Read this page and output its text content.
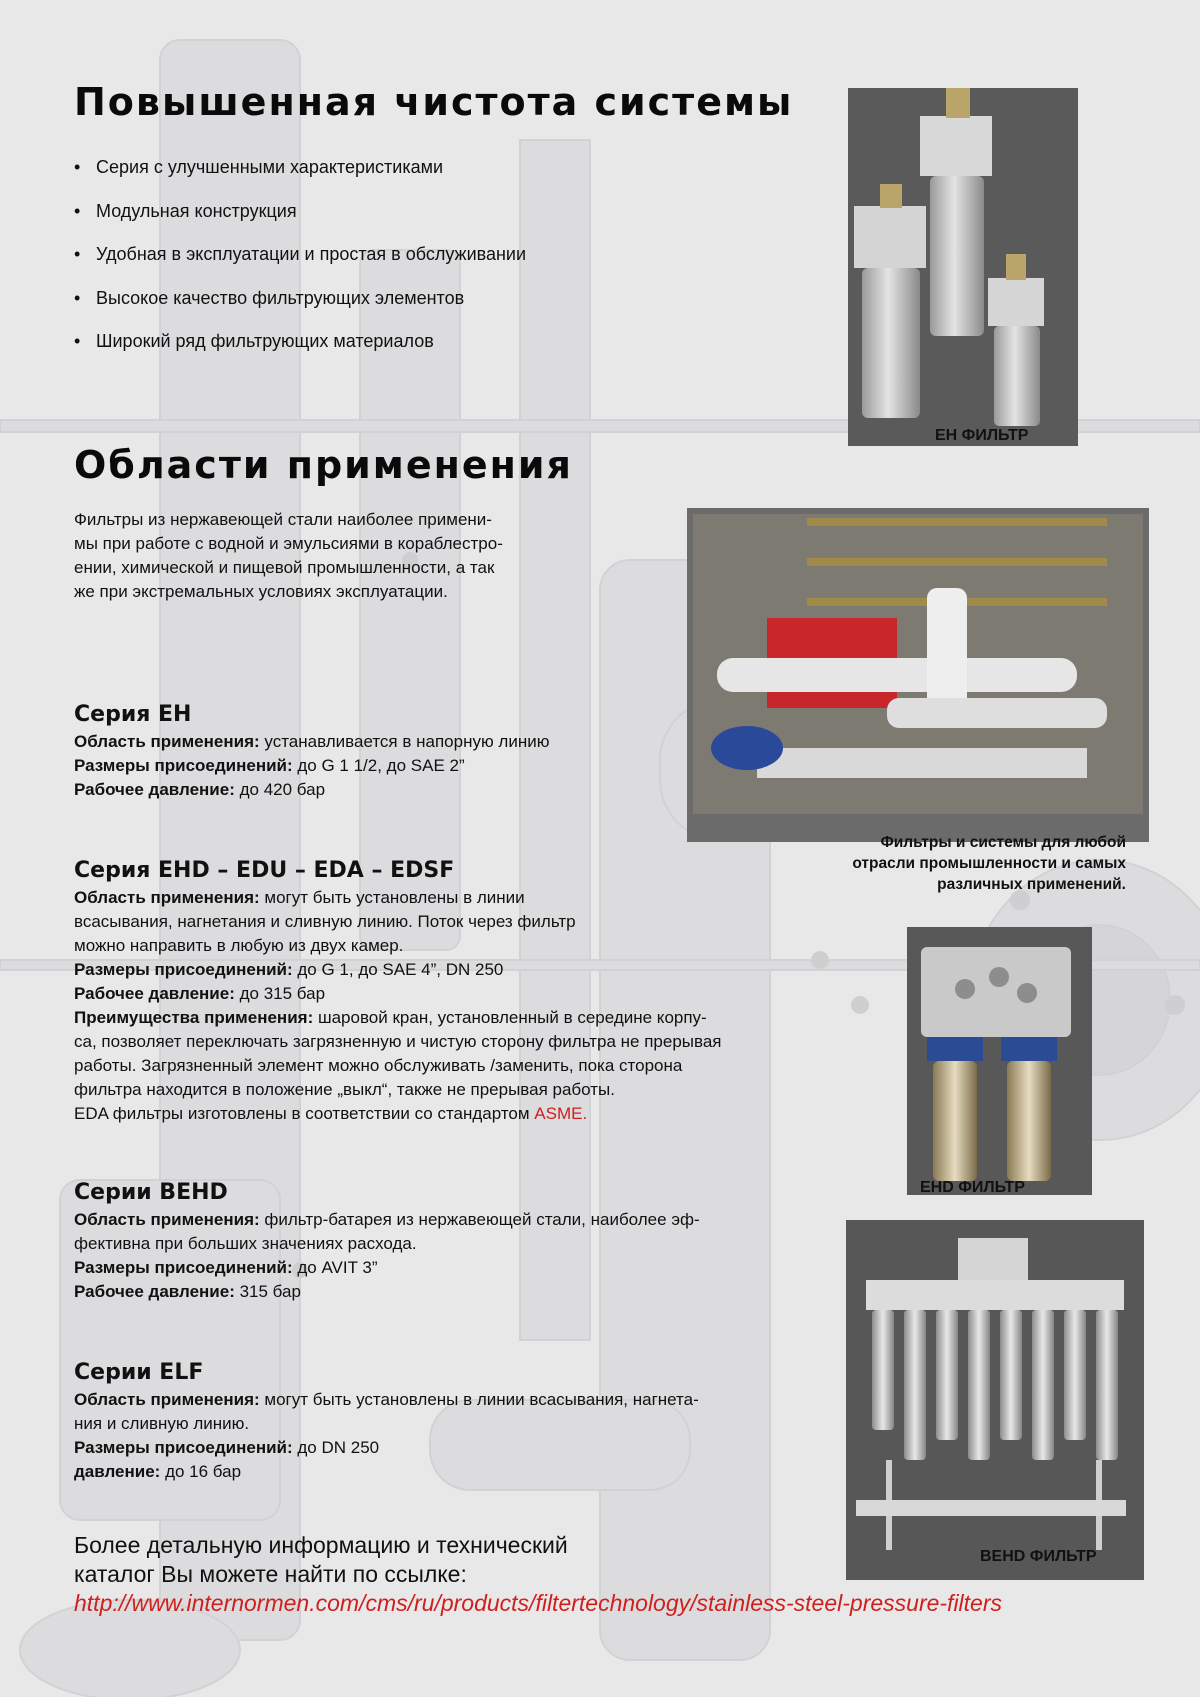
Повышенная чистота системы
• Серия с улучшенными характеристиками
• Модульная конструкция
• Удобная в эксплуатации и простая в обслуживании
• Высокое качество фильтрующих элементов
• Широкий ряд фильтрующих материалов
Области применения
Фильтры из нержавеющей стали наиболее примени-
мы при работе с водной и эмульсиями в кораблестро-
ении, химической и пищевой промышленности, а так
же при экстремальных условиях эксплуатации.
Серия EH
Область применения: устанавливается в напорную линию
Размеры присоединений: до G 1 1/2, до SAE 2”
Рабочее давление: до 420 бар
Серия EHD – EDU – EDA – EDSF
Область применения: могут быть установлены в линии
всасывания, нагнетания и сливную линию. Поток через фильтр
можно направить в любую из двух камер.
Размеры присоединений: до G 1, до SAE 4”, DN 250
Рабочее давление: до 315 бар
Преимущества применения: шаровой кран, установленный в середине корпу-
са, позволяет переключать загрязненную и чистую сторону фильтра не прерывая
работы. Загрязненный элемент можно обслуживать /заменить, пока сторона
фильтра находится в положение „выкл“, также не прерывая работы.
EDA фильтры изготовлены в соответствии со стандартом ASME.
Серии BEHD
Область применения: фильтр-батарея из нержавеющей стали, наиболее эф-
фективна при больших значениях расхода.
Размеры присоединений: до AVIT 3”
Рабочее давление: 315 бар
Серии ELF
Область применения: могут быть установлены в линии всасывания, нагнета-
ния и сливную линию.
Размеры присоединений: до DN 250
давление: до 16 бар
Более детальную информацию и технический
каталог Вы можете найти по ссылке:
http://www.internormen.com/cms/ru/products/filtertechnology/stainless-steel-pressure-filters
EH ФИЛЬТР
Фильтры и системы для любой
отрасли промышленности и самых
различных применений.
EHD ФИЛЬТР
BEHD ФИЛЬТР
